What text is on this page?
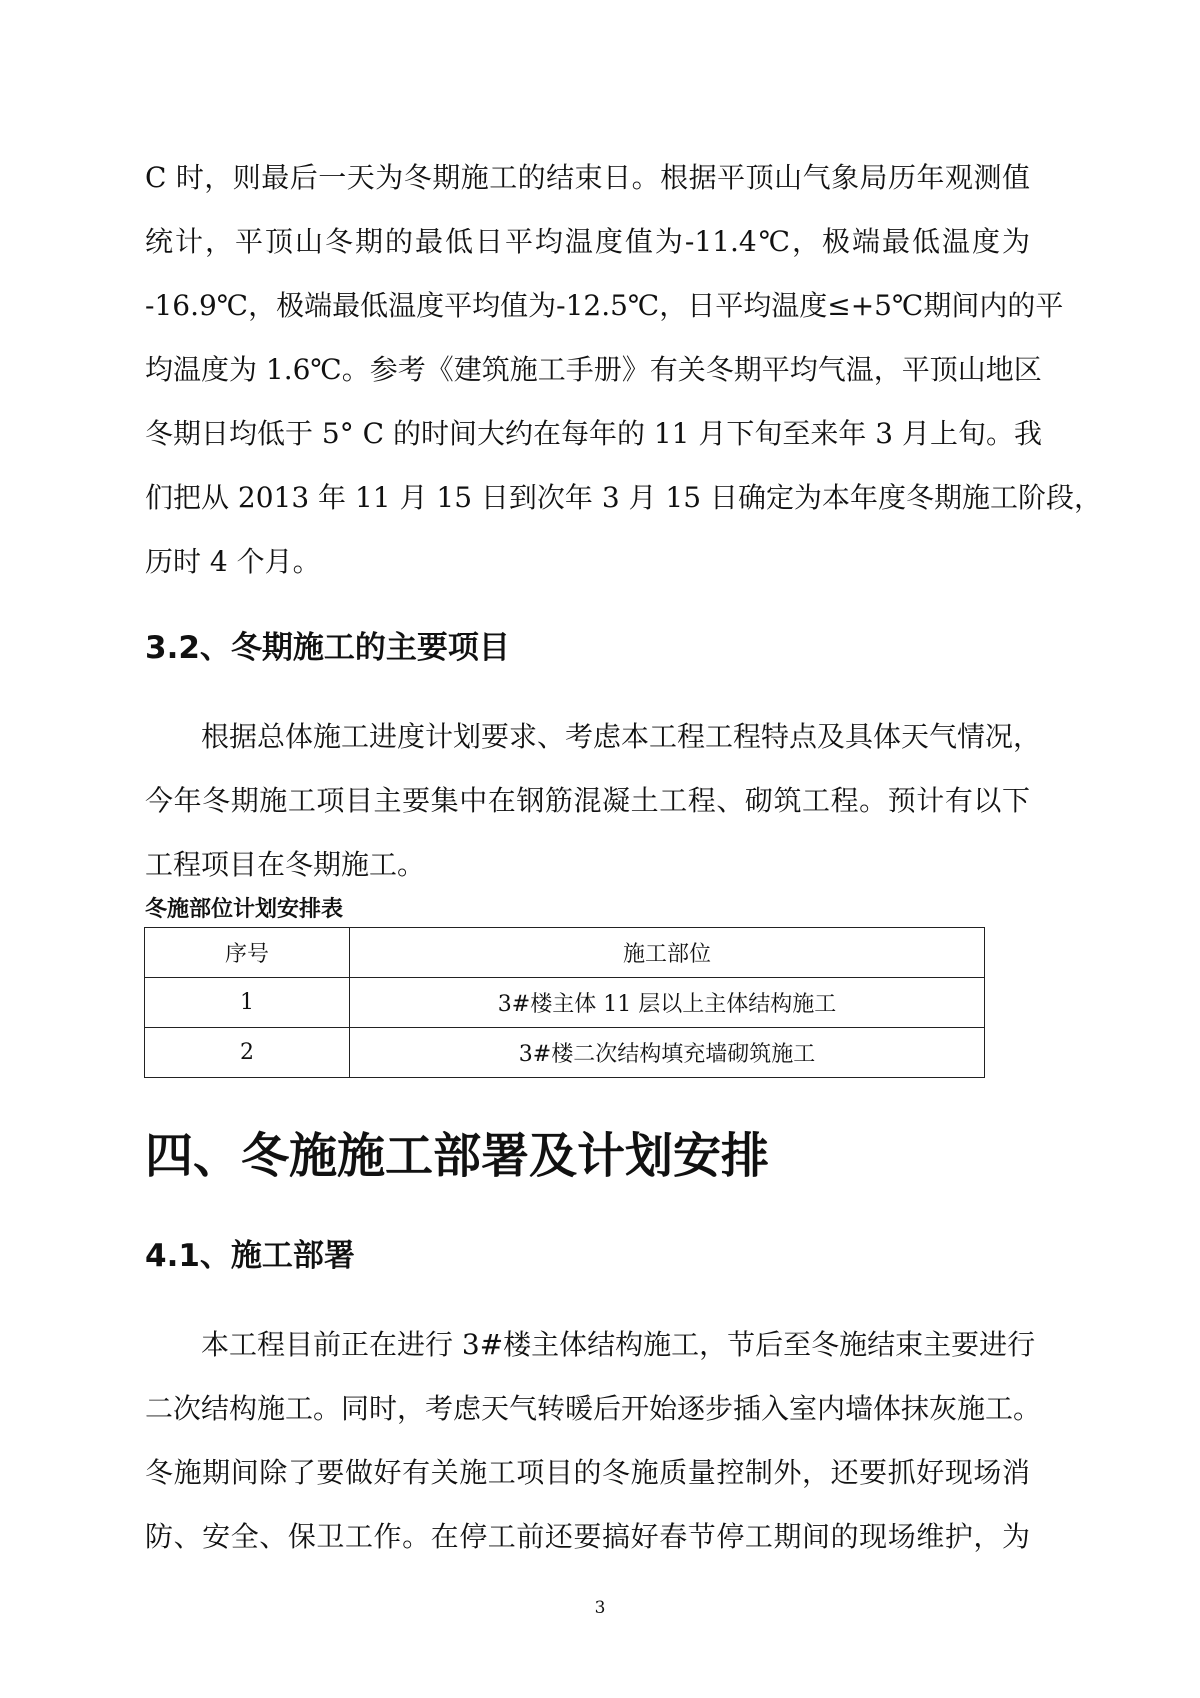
C 时，则最后一天为冬期施工的结束日。根据平顶山气象局历年观测值
统计，平顶山冬期的最低日平均温度值为-11.4℃，极端最低温度为
-16.9℃，极端最低温度平均值为-12.5℃，日平均温度≤+5℃期间内的平
均温度为 1.6℃。参考《建筑施工手册》有关冬期平均气温，平顶山地区
冬期日均低于 5° C 的时间大约在每年的 11 月下旬至来年 3 月上旬。我
们把从 2013 年 11 月 15 日到次年 3 月 15 日确定为本年度冬期施工阶段，
历时 4 个月。
3.2、冬期施工的主要项目
根据总体施工进度计划要求、考虑本工程工程特点及具体天气情况，
今年冬期施工项目主要集中在钢筋混凝土工程、砌筑工程。预计有以下
工程项目在冬期施工。
冬施部位计划安排表
序号	施工部位
1	3#楼主体 11 层以上主体结构施工
2	3#楼二次结构填充墙砌筑施工
四、冬施施工部署及计划安排
4.1、施工部署
本工程目前正在进行 3#楼主体结构施工，节后至冬施结束主要进行
二次结构施工。同时，考虑天气转暖后开始逐步插入室内墙体抹灰施工。
冬施期间除了要做好有关施工项目的冬施质量控制外，还要抓好现场消
防、安全、保卫工作。在停工前还要搞好春节停工期间的现场维护，为
3
